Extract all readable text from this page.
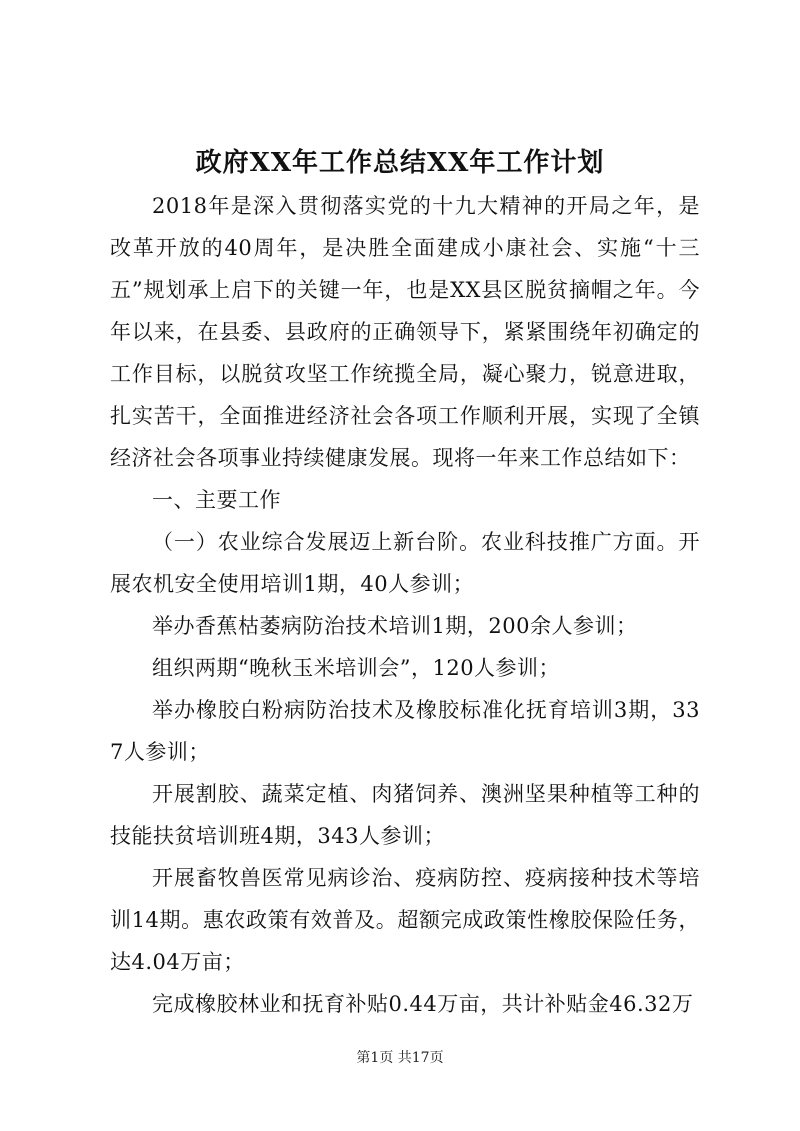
政府XX年工作总结XX年工作计划

2018年是深入贯彻落实党的十九大精神的开局之年，是改革开放的40周年，是决胜全面建成小康社会、实施“十三五”规划承上启下的关键一年，也是XX县区脱贫摘帽之年。今年以来，在县委、县政府的正确领导下，紧紧围绕年初确定的工作目标，以脱贫攻坚工作统揽全局，凝心聚力，锐意进取，扎实苦干，全面推进经济社会各项工作顺利开展，实现了全镇经济社会各项事业持续健康发展。现将一年来工作总结如下：

一、主要工作

（一）农业综合发展迈上新台阶。农业科技推广方面。开展农机安全使用培训1期，40人参训；

举办香蕉枯萎病防治技术培训1期，200余人参训；

组织两期“晚秋玉米培训会”，120人参训；

举办橡胶白粉病防治技术及橡胶标准化抚育培训3期，337人参训；

开展割胶、蔬菜定植、肉猪饲养、澳洲坚果种植等工种的技能扶贫培训班4期，343人参训；

开展畜牧兽医常见病诊治、疫病防控、疫病接种技术等培训14期。惠农政策有效普及。超额完成政策性橡胶保险任务，达4.04万亩；

完成橡胶林业和抚育补贴0.44万亩，共计补贴金46.32万

第1页 共17页
